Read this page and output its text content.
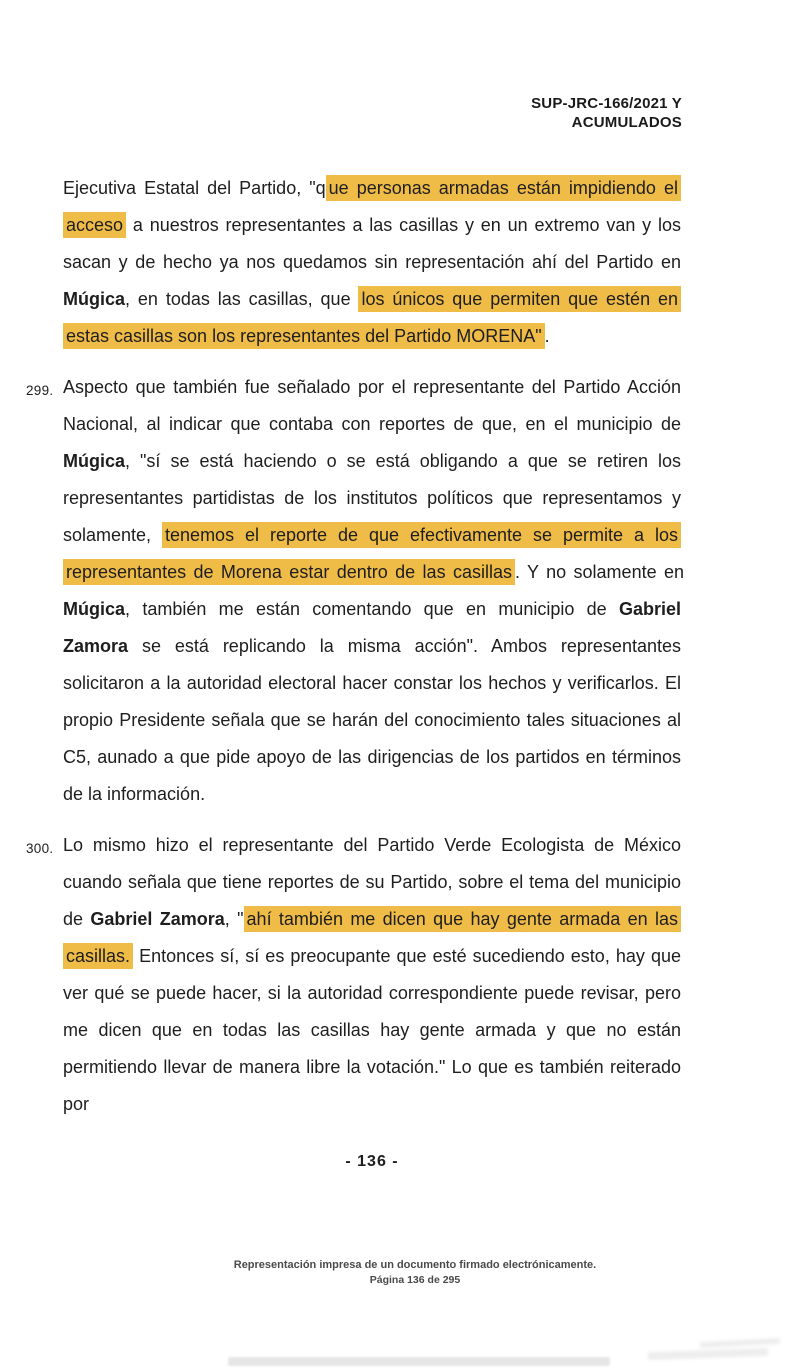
SUP-JRC-166/2021 Y
ACUMULADOS
Ejecutiva Estatal del Partido, "q ue personas armadas están impidiendo el acceso a nuestros representantes a las casillas y en un extremo van y los sacan y de hecho ya nos quedamos sin representación ahí del Partido en Múgica, en todas las casillas, que los únicos que permiten que estén en estas casillas son los representantes del Partido MORENA" .
299. Aspecto que también fue señalado por el representante del Partido Acción Nacional, al indicar que contaba con reportes de que, en el municipio de Múgica, "sí se está haciendo o se está obligando a que se retiren los representantes partidistas de los institutos políticos que representamos y solamente, tenemos el reporte de que efectivamente se permite a los representantes de Morena estar dentro de las casillas . Y no solamente en Múgica, también me están comentando que en municipio de Gabriel Zamora se está replicando la misma acción". Ambos representantes solicitaron a la autoridad electoral hacer constar los hechos y verificarlos. El propio Presidente señala que se harán del conocimiento tales situaciones al C5, aunado a que pide apoyo de las dirigencias de los partidos en términos de la información.
300. Lo mismo hizo el representante del Partido Verde Ecologista de México cuando señala que tiene reportes de su Partido, sobre el tema del municipio de Gabriel Zamora, " ahí también me dicen que hay gente armada en las casillas. Entonces sí, sí es preocupante que esté sucediendo esto, hay que ver qué se puede hacer, si la autoridad correspondiente puede revisar, pero me dicen que en todas las casillas hay gente armada y que no están permitiendo llevar de manera libre la votación." Lo que es también reiterado por
- 136 -
Representación impresa de un documento firmado electrónicamente.
Página 136 de 295
